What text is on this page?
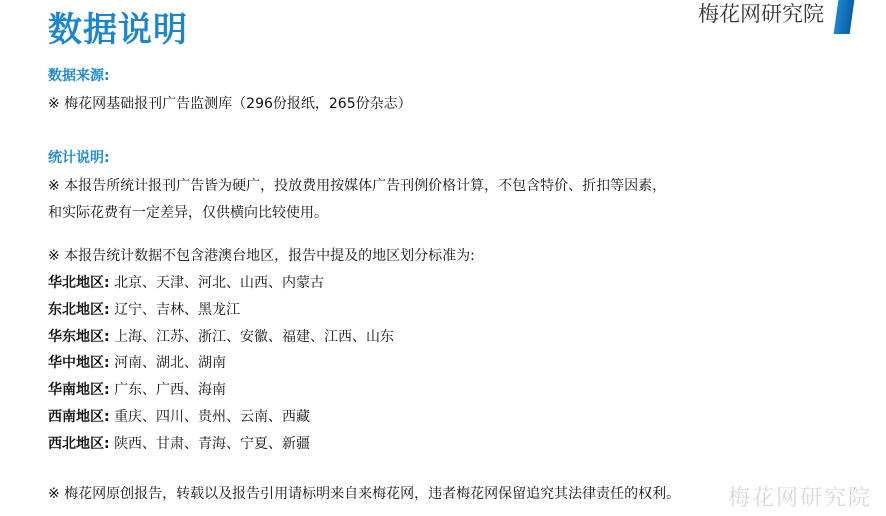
数据说明	梅花网研究院
数据来源:
※ 梅花网基础报刊广告监测库（296份报纸，265份杂志）
统计说明:
※ 本报告所统计报刊广告皆为硬广，投放费用按媒体广告刊例价格计算，不包含特价、折扣等因素，
和实际花费有一定差异，仅供横向比较使用。
※ 本报告统计数据不包含港澳台地区，报告中提及的地区划分标准为:
华北地区: 北京、天津、河北、山西、内蒙古
东北地区: 辽宁、吉林、黑龙江
华东地区: 上海、江苏、浙江、安徽、福建、江西、山东
华中地区: 河南、湖北、湖南
华南地区: 广东、广西、海南
西南地区: 重庆、四川、贵州、云南、西藏
西北地区: 陕西、甘肃、青海、宁夏、新疆
※ 梅花网原创报告，转载以及报告引用请标明来自来梅花网，违者梅花网保留追究其法律责任的权利。 梅花网研究院
